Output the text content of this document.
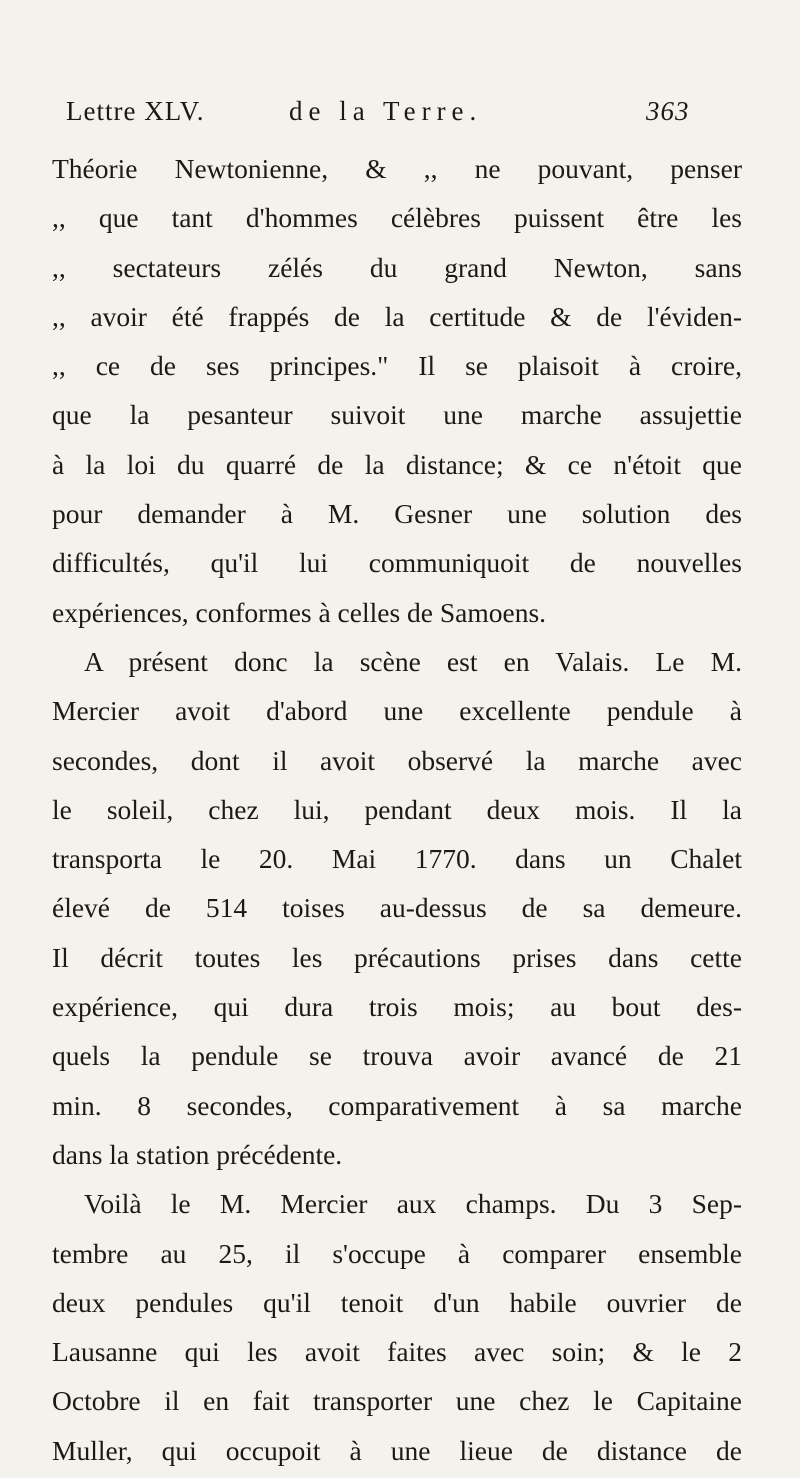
Lettre XLV.	de la Terre.	363
Théorie Newtonienne, & ,, ne pouvant, penser
,, que tant d'hommes célèbres puissent être les
,, sectateurs zélés du grand Newton, sans
,, avoir été frappés de la certitude & de l'éviden-
,, ce de ses principes." Il se plaisoit à croire,
que la pesanteur suivoit une marche assujettie
à la loi du quarré de la distance; & ce n'étoit que
pour demander à M. Gesner une solution des
difficultés, qu'il lui communiquoit de nouvelles
expériences, conformes à celles de Samoens.
A présent donc la scène est en Valais. Le M.
Mercier avoit d'abord une excellente pendule à
secondes, dont il avoit observé la marche avec
le soleil, chez lui, pendant deux mois. Il la
transporta le 20. Mai 1770. dans un Chalet
élevé de 514 toises au-dessus de sa demeure.
Il décrit toutes les précautions prises dans cette
expérience, qui dura trois mois; au bout des-
quels la pendule se trouva avoir avancé de 21
min. 8 secondes, comparativement à sa marche
dans la station précédente.
Voilà le M. Mercier aux champs. Du 3 Sep-
tembre au 25, il s'occupe à comparer ensemble
deux pendules qu'il tenoit d'un habile ouvrier de
Lausanne qui les avoit faites avec soin; & le 2
Octobre il en fait transporter une chez le Capitaine
Muller, qui occupoit à une lieue de distance de
